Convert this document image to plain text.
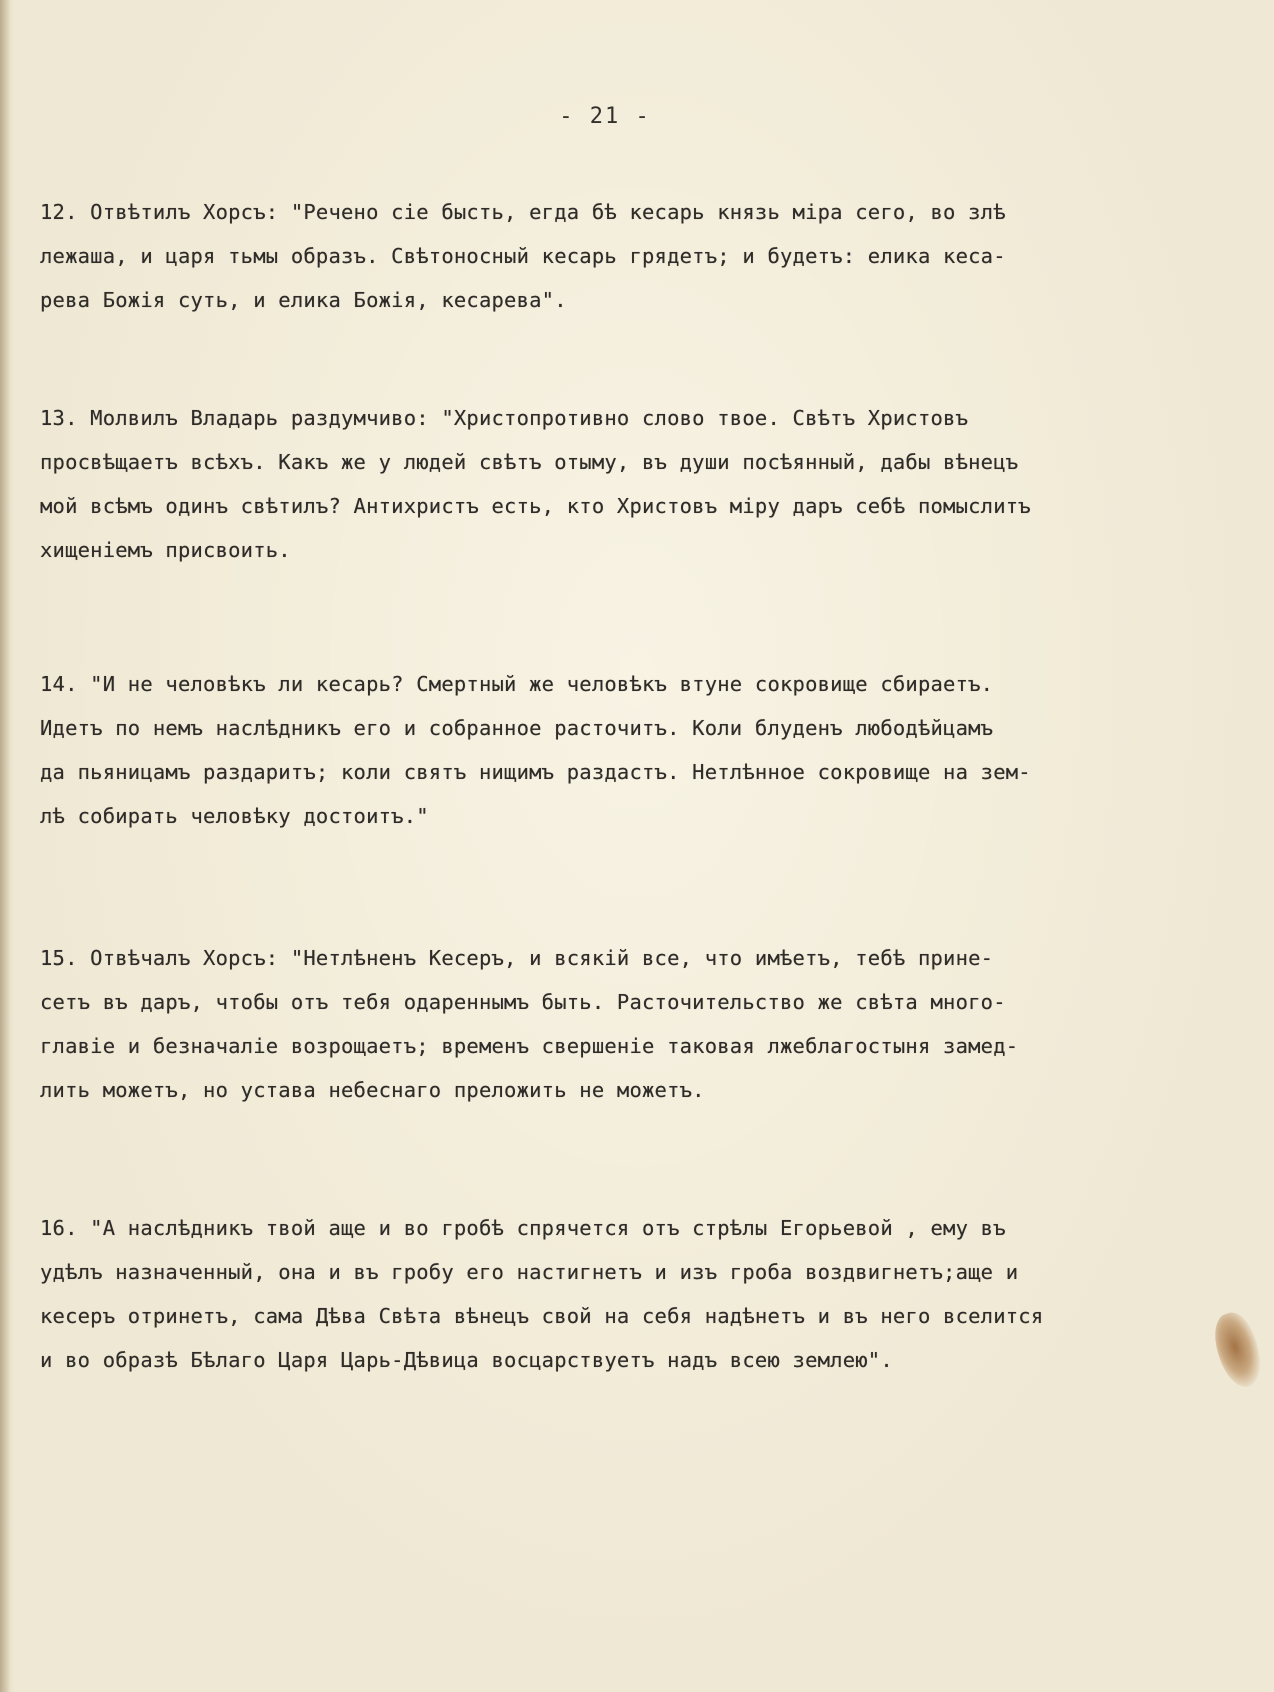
- 21 -
12. Отвѣтилъ Хорсъ: "Речено сіе бысть, егда бѣ кесарь князь міра сего, во злѣ
лежаша, и царя тьмы образъ. Свѣтоносный кесарь грядетъ; и будетъ: елика кеса-
рева Божія суть, и елика Божія, кесарева".
13. Молвилъ Владарь раздумчиво: "Христопротивно слово твое. Свѣтъ Христовъ
просвѣщаетъ всѣхъ. Какъ же у людей свѣтъ отыму, въ души посѣянный, дабы вѣнецъ
мой всѣмъ одинъ свѣтилъ? Антихристъ есть, кто Христовъ міру даръ себѣ помыслитъ
хищеніемъ присвоить.
14. "И не человѣкъ ли кесарь? Смертный же человѣкъ втуне сокровище сбираетъ.
Идетъ по немъ наслѣдникъ его и собранное расточитъ. Коли блуденъ любодѣйцамъ
да пьяницамъ раздаритъ; коли святъ нищимъ раздастъ. Нетлѣнное сокровище на зем-
лѣ собирать человѣку достоитъ."
15. Отвѣчалъ Хорсъ: "Нетлѣненъ Кесеръ, и всякій все, что имѣетъ, тебѣ прине-
сетъ въ даръ, чтобы отъ тебя одареннымъ быть. Расточительство же свѣта много-
главіе и безначаліе возрощаетъ; временъ свершеніе таковая лжеблагостыня замед-
лить можетъ, но устава небеснаго преложить не можетъ.
16. "А наслѣдникъ твой аще и во гробѣ спрячется отъ стрѣлы Егорьевой , ему въ
удѣлъ назначенный, она и въ гробу его настигнетъ и изъ гроба воздвигнетъ;аще и
кесеръ отринетъ, сама Дѣва Свѣта вѣнецъ свой на себя надѣнетъ и въ него вселится
и во образѣ Бѣлаго Царя Царь-Дѣвица восцарствуетъ надъ всею землею".
